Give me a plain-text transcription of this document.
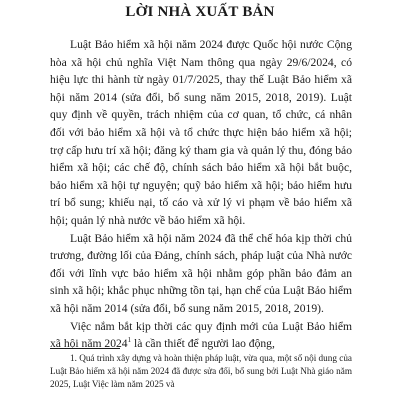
LỜI NHÀ XUẤT BẢN

Luật Bảo hiểm xã hội năm 2024 được Quốc hội nước Cộng hòa xã hội chủ nghĩa Việt Nam thông qua ngày 29/6/2024, có hiệu lực thi hành từ ngày 01/7/2025, thay thế Luật Bảo hiểm xã hội năm 2014 (sửa đổi, bổ sung năm 2015, 2018, 2019). Luật quy định về quyền, trách nhiệm của cơ quan, tổ chức, cá nhân đối với bảo hiểm xã hội và tổ chức thực hiện bảo hiểm xã hội; trợ cấp hưu trí xã hội; đăng ký tham gia và quản lý thu, đóng bảo hiểm xã hội; các chế độ, chính sách bảo hiểm xã hội bắt buộc, bảo hiểm xã hội tự nguyện; quỹ bảo hiểm xã hội; bảo hiểm hưu trí bổ sung; khiếu nại, tố cáo và xử lý vi phạm về bảo hiểm xã hội; quản lý nhà nước về bảo hiểm xã hội.

Luật Bảo hiểm xã hội năm 2024 đã thể chế hóa kịp thời chủ trương, đường lối của Đảng, chính sách, pháp luật của Nhà nước đối với lĩnh vực bảo hiểm xã hội nhằm góp phần bảo đảm an sinh xã hội; khắc phục những tồn tại, hạn chế của Luật Bảo hiểm xã hội năm 2014 (sửa đổi, bổ sung năm 2015, 2018, 2019).

Việc nắm bắt kịp thời các quy định mới của Luật Bảo hiểm xã hội năm 2024$^1$ là cần thiết để người lao động,

1. Quá trình xây dựng và hoàn thiện pháp luật, vừa qua, một số nội dung của Luật Bảo hiểm xã hội năm 2024 đã được sửa đổi, bổ sung bởi Luật Nhà giáo năm 2025, Luật Việc làm năm 2025 và
